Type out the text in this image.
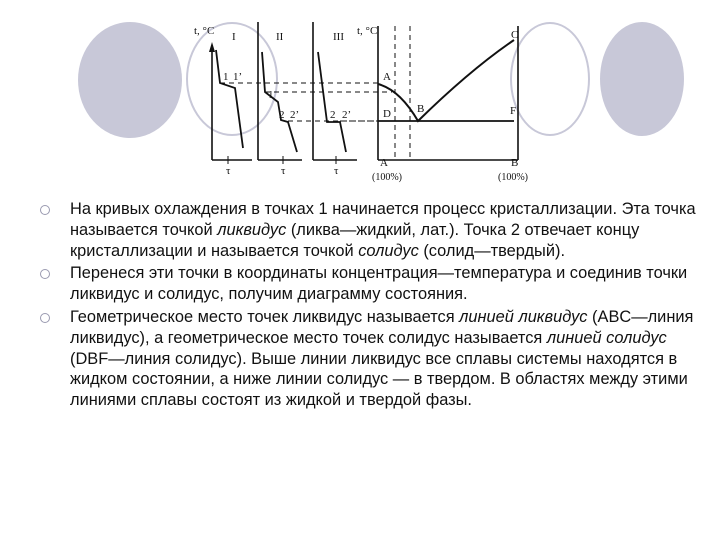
t, °C	t, °C
I	II	III
1 1’
1
2 2’	2 2’
A
B
C
D	F
τ	τ	τ
A
(100%)
B
(100%)
На кривых охлаждения в точках 1 начинается процесс кристаллизации. Эта точка называется точкой ликвидус (ликва—жидкий, лат.). Точка 2 отвечает концу кристаллизации и называется точкой солидус (солид—твердый).
Перенеся эти точки в координаты концентрация—температура и соединив точки ликвидус и солидус, получим диаграмму состояния.
Геометрическое место точек ликвидус называется линией ликвидус (ABC—линия ликвидус), а геометрическое место точек солидус называется линией солидус (DBF—линия солидус). Выше линии ликвидус все сплавы системы находятся в жидком состоянии, а ниже линии солидус — в твердом. В областях между этими линиями сплавы состоят из жидкой и твердой фазы.
